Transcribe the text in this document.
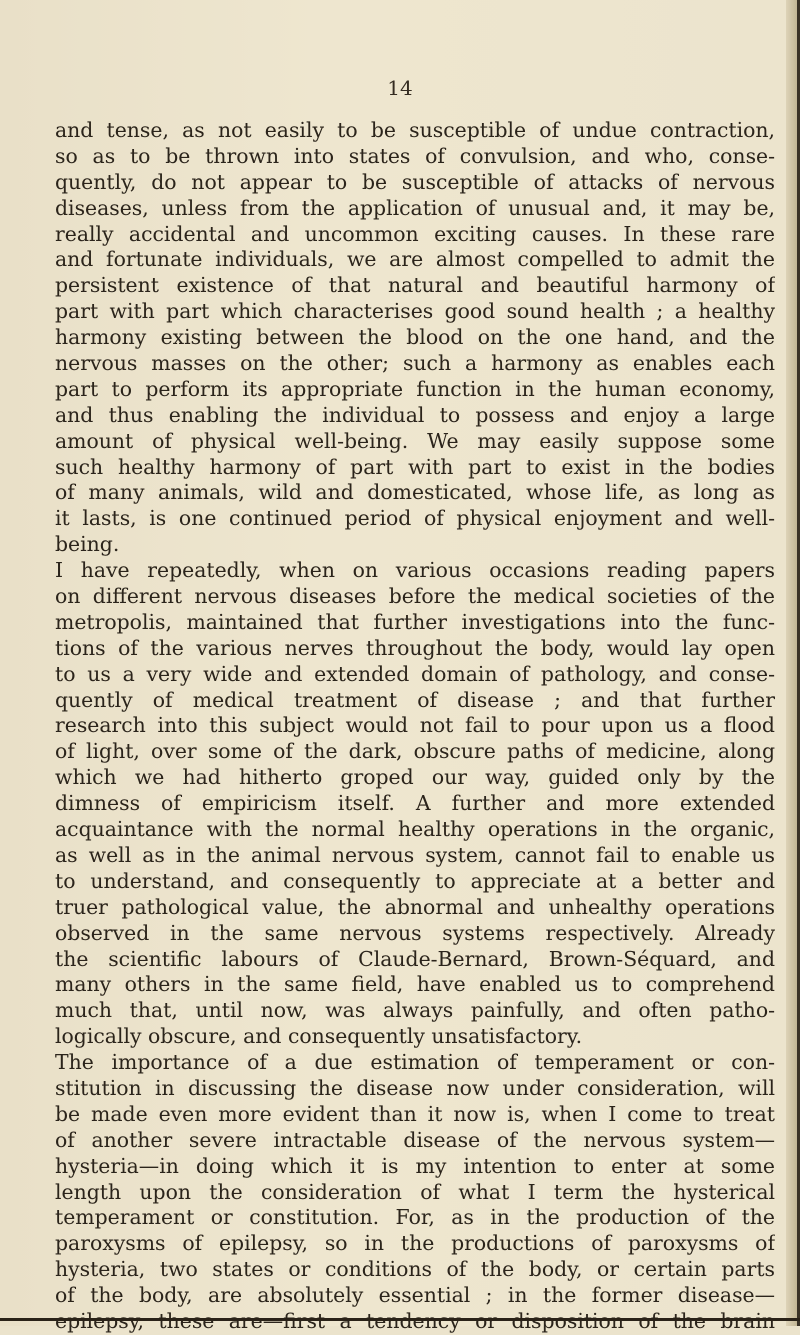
14
and tense, as not easily to be susceptible of undue contraction,
so as to be thrown into states of convulsion, and who, conse-
quently, do not appear to be susceptible of attacks of nervous
diseases, unless from the application of unusual and, it may be,
really accidental and uncommon exciting causes. In these rare
and fortunate individuals, we are almost compelled to admit the
persistent existence of that natural and beautiful harmony of
part with part which characterises good sound health ; a healthy
harmony existing between the blood on the one hand, and the
nervous masses on the other; such a harmony as enables each
part to perform its appropriate function in the human economy,
and thus enabling the individual to possess and enjoy a large
amount of physical well-being. We may easily suppose some
such healthy harmony of part with part to exist in the bodies
of many animals, wild and domesticated, whose life, as long as
it lasts, is one continued period of physical enjoyment and well-
being.
I have repeatedly, when on various occasions reading papers
on different nervous diseases before the medical societies of the
metropolis, maintained that further investigations into the func-
tions of the various nerves throughout the body, would lay open
to us a very wide and extended domain of pathology, and conse-
quently of medical treatment of disease ; and that further
research into this subject would not fail to pour upon us a flood
of light, over some of the dark, obscure paths of medicine, along
which we had hitherto groped our way, guided only by the
dimness of empiricism itself. A further and more extended
acquaintance with the normal healthy operations in the organic,
as well as in the animal nervous system, cannot fail to enable us
to understand, and consequently to appreciate at a better and
truer pathological value, the abnormal and unhealthy operations
observed in the same nervous systems respectively. Already
the scientific labours of Claude-Bernard, Brown-Séquard, and
many others in the same field, have enabled us to comprehend
much that, until now, was always painfully, and often patho-
logically obscure, and consequently unsatisfactory.
The importance of a due estimation of temperament or con-
stitution in discussing the disease now under consideration, will
be made even more evident than it now is, when I come to treat
of another severe intractable disease of the nervous system—
hysteria—in doing which it is my intention to enter at some
length upon the consideration of what I term the hysterical
temperament or constitution. For, as in the production of the
paroxysms of epilepsy, so in the productions of paroxysms of
hysteria, two states or conditions of the body, or certain parts
of the body, are absolutely essential ; in the former disease—
